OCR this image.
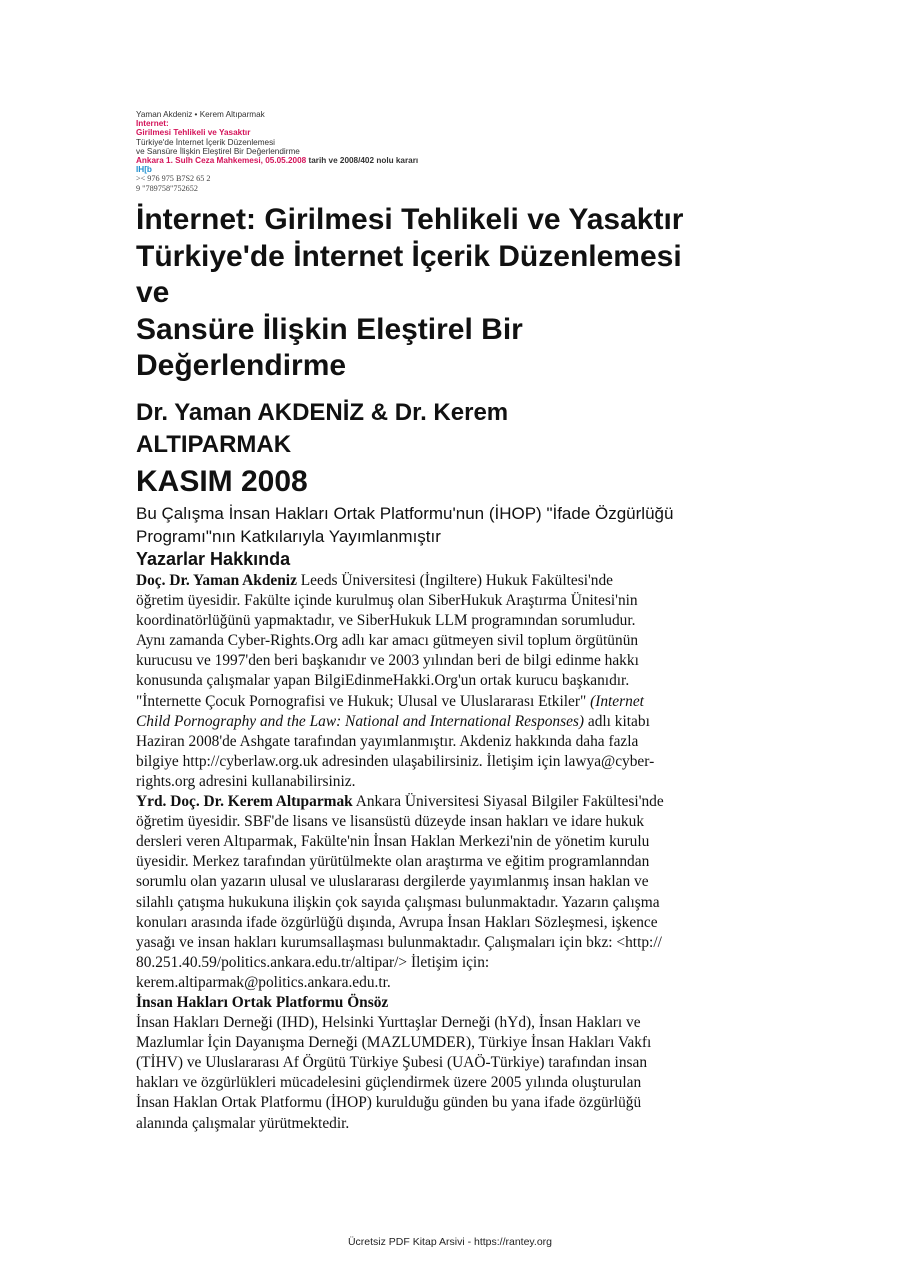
Yaman Akdeniz • Kerem Altıparmak
Internet:
Girilmesi Tehlikeli ve Yasaktır
Türkiye'de İnternet İçerik Düzenlemesi
ve Sansüre İlişkin Eleştirel Bir Değerlendirme
Ankara 1. Sulh Ceza Mahkemesi, 05.05.2008 tarih ve 2008/402 nolu kararı
IH[b
>< 976 975 B7S2 65 2
9 "789758"752652
İnternet: Girilmesi Tehlikeli ve Yasaktır
Türkiye'de İnternet İçerik Düzenlemesi
ve
Sansüre İlişkin Eleştirel Bir
Değerlendirme
Dr. Yaman AKDENİZ & Dr. Kerem
ALTIPARMAK
KASIM 2008
Bu Çalışma İnsan Hakları Ortak Platformu'nun (İHOP) "İfade Özgürlüğü
Programı"nın Katkılarıyla Yayımlanmıştır
Yazarlar Hakkında
Doç. Dr. Yaman Akdeniz Leeds Üniversitesi (İngiltere) Hukuk Fakültesi'nde
öğretim üyesidir. Fakülte içinde kurulmuş olan SiberHukuk Araştırma Ünitesi'nin
koordinatörlüğünü yapmaktadır, ve SiberHukuk LLM programından sorumludur.
Aynı zamanda Cyber-Rights.Org adlı kar amacı gütmeyen sivil toplum örgütünün
kurucusu ve 1997'den beri başkanıdır ve 2003 yılından beri de bilgi edinme hakkı
konusunda çalışmalar yapan BilgiEdinmeHakki.Org'un ortak kurucu başkanıdır.
"İnternette Çocuk Pornografisi ve Hukuk; Ulusal ve Uluslararası Etkiler" (Internet
Child Pornography and the Law: National and International Responses) adlı kitabı
Haziran 2008'de Ashgate tarafından yayımlanmıştır. Akdeniz hakkında daha fazla
bilgiye http://cyberlaw.org.uk adresinden ulaşabilirsiniz. İletişim için lawya@cyber-
rights.org adresini kullanabilirsiniz.
Yrd. Doç. Dr. Kerem Altıparmak Ankara Üniversitesi Siyasal Bilgiler Fakültesi'nde
öğretim üyesidir. SBF'de lisans ve lisansüstü düzeyde insan hakları ve idare hukuk
dersleri veren Altıparmak, Fakülte'nin İnsan Haklan Merkezi'nin de yönetim kurulu
üyesidir. Merkez tarafından yürütülmekte olan araştırma ve eğitim programlanndan
sorumlu olan yazarın ulusal ve uluslararası dergilerde yayımlanmış insan haklan ve
silahlı çatışma hukukuna ilişkin çok sayıda çalışması bulunmaktadır. Yazarın çalışma
konuları arasında ifade özgürlüğü dışında, Avrupa İnsan Hakları Sözleşmesi, işkence
yasağı ve insan hakları kurumsallaşması bulunmaktadır. Çalışmaları için bkz: <http://
80.251.40.59/politics.ankara.edu.tr/altipar/> İletişim için:
kerem.altiparmak@politics.ankara.edu.tr.
İnsan Hakları Ortak Platformu Önsöz
İnsan Hakları Derneği (IHD), Helsinki Yurttaşlar Derneği (hYd), İnsan Hakları ve
Mazlumlar İçin Dayanışma Derneği (MAZLUMDER), Türkiye İnsan Hakları Vakfı
(TİHV) ve Uluslararası Af Örgütü Türkiye Şubesi (UAÖ-Türkiye) tarafından insan
hakları ve özgürlükleri mücadelesini güçlendirmek üzere 2005 yılında oluşturulan
İnsan Haklan Ortak Platformu (İHOP) kurulduğu günden bu yana ifade özgürlüğü
alanında çalışmalar yürütmektedir.
Ücretsiz PDF Kitap Arsivi - https://rantey.org
